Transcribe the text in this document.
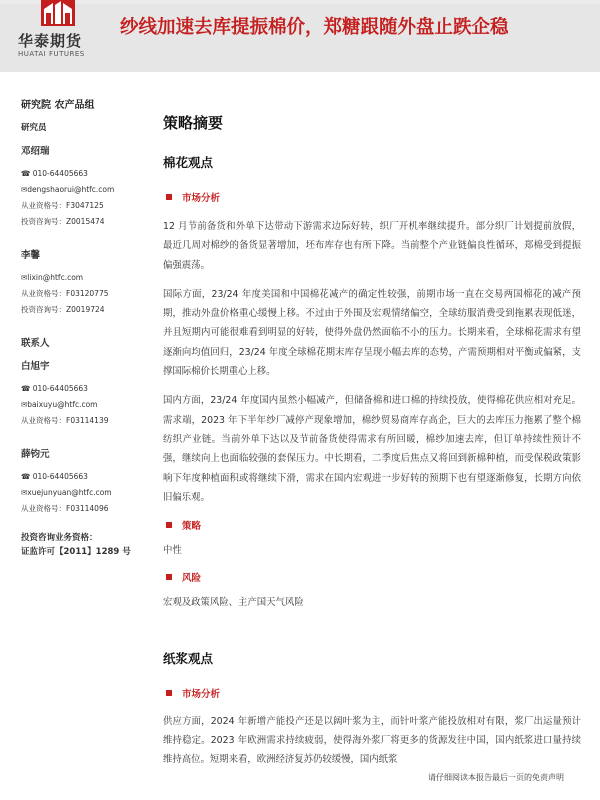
华泰期货
HUATAI FUTURES
纱线加速去库提振棉价，郑糖跟随外盘止跌企稳
研究院 农产品组
研究员
邓绍瑞
☎ 010-64405663
✉dengshaorui@htfc.com
从业资格号：F3047125
投资咨询号：Z0015474
李馨
✉lixin@htfc.com
从业资格号：F03120775
投资咨询号：Z0019724
联系人
白旭宇
☎ 010-64405663
✉baixuyu@htfc.com
从业资格号：F03114139
薛钧元
☎ 010-64405663
✉xuejunyuan@htfc.com
从业资格号：F03114096
投资咨询业务资格：
证监许可【2011】1289 号
策略摘要
棉花观点
市场分析
12 月节前备货和外单下达带动下游需求边际好转，织厂开机率继续提升。部分织厂计划提前放假，最近几周对棉纱的备货显著增加，坯布库存也有所下降。当前整个产业链偏良性循环，郑棉受到提振偏强震荡。
国际方面，23/24 年度美国和中国棉花减产的确定性较强，前期市场一直在交易两国棉花的减产预期，推动外盘价格重心缓慢上移。不过由于外围及宏观情绪偏空，全球纺服消费受到拖累表现低迷，并且短期内可能很难看到明显的好转，使得外盘仍然面临不小的压力。长期来看，全球棉花需求有望逐渐向均值回归，23/24 年度全球棉花期末库存呈现小幅去库的态势，产需预期相对平衡或偏紧，支撑国际棉价长期重心上移。
国内方面，23/24 年度国内虽然小幅减产，但储备棉和进口棉的持续投放，使得棉花供应相对充足。需求端，2023 年下半年纱厂减停产现象增加，棉纱贸易商库存高企，巨大的去库压力拖累了整个棉纺织产业链。当前外单下达以及节前备货使得需求有所回暖，棉纱加速去库，但订单持续性预计不强，继续向上也面临较强的套保压力。中长期看，二季度后焦点又将回到新棉种植，而受保税政策影响下年度种植面积或将继续下滑，需求在国内宏观进一步好转的预期下也有望逐渐修复，长期方向依旧偏乐观。
策略
中性
风险
宏观及政策风险、主产国天气风险
纸浆观点
市场分析
供应方面，2024 年新增产能投产还是以阔叶浆为主，而针叶浆产能投放相对有限，浆厂出运量预计维持稳定。2023 年欧洲需求持续疲弱，使得海外浆厂将更多的货源发往中国，国内纸浆进口量持续维持高位。短期来看，欧洲经济复苏仍较缓慢，国内纸浆
请仔细阅读本报告最后一页的免责声明
